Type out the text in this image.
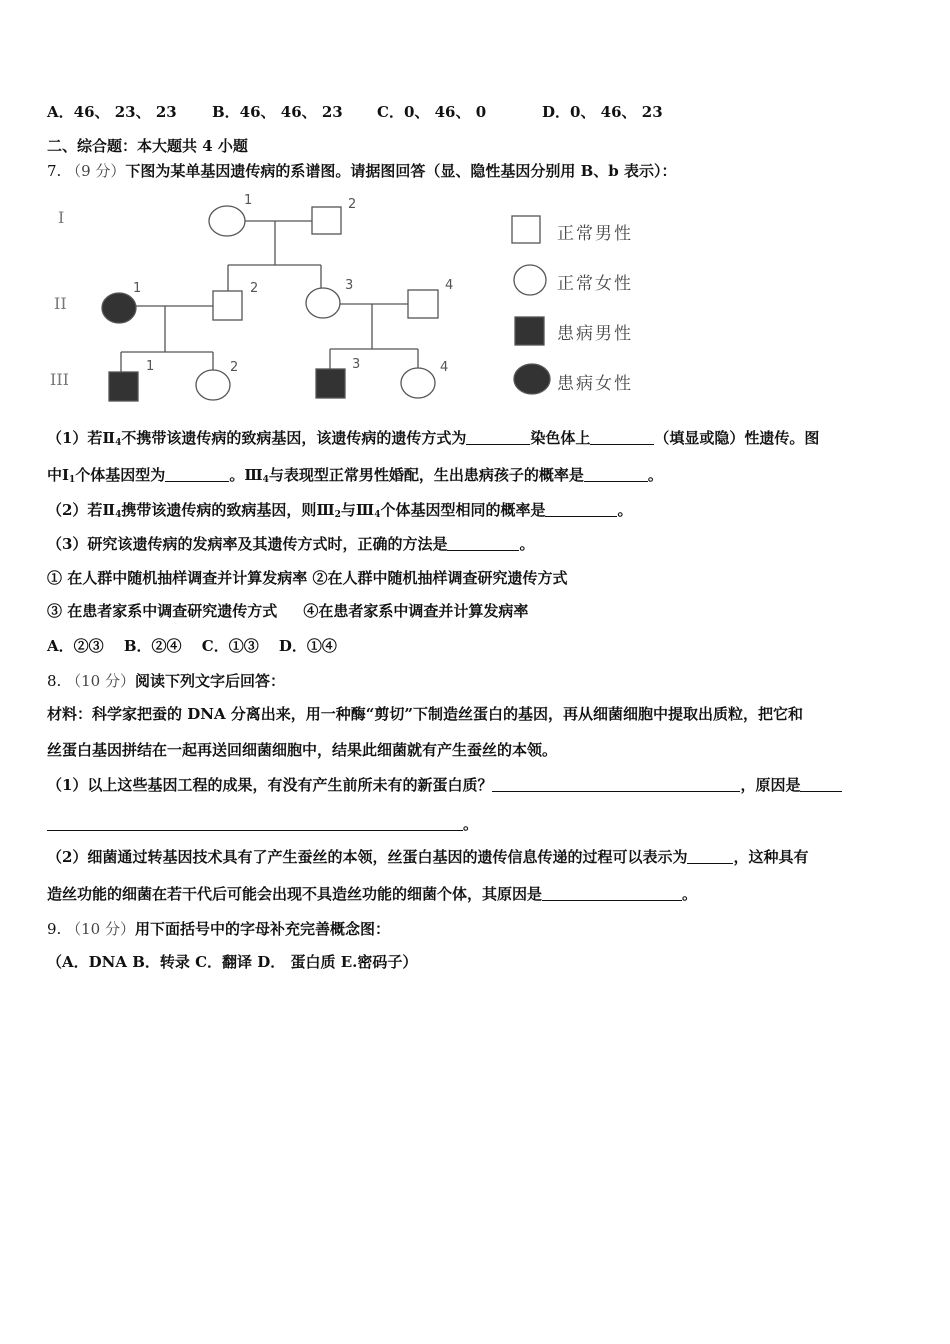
A．46、 23、 23 B．46、 46、 23 C．0、 46、 0	D．0、 46、 23
二、综合题：本大题共 4 小题
7. （9 分）下图为某单基因遗传病的系谱图。请据图回答（显、隐性基因分别用 B、b 表示）：
I
II
III
1	2
1	2	3	4
1	2	3	4
正常男性
正常女性
患病男性
患病女性
（1）若$Ⅱ_4$不携带该遗传病的致病基因，该遗传病的遗传方式为	染色体上	（填显或隐）性遗传。图
中$Ⅰ_1$个体基因型为	。$Ⅲ_4$与表现型正常男性婚配，生出患病孩子的概率是	。
（2）若$Ⅱ_4$携带该遗传病的致病基因，则$Ⅲ_2$与$Ⅲ_4$个体基因型相同的概率是	。
（3）研究该遗传病的发病率及其遗传方式时，正确的方法是	。
① 在人群中随机抽样调查并计算发病率 ②在人群中随机抽样调查研究遗传方式
③ 在患者家系中调查研究遗传方式 ④在患者家系中调查并计算发病率
A．②③　 B．②④　 C．①③　 D．①④
8. （10 分）阅读下列文字后回答：
材料：科学家把蚕的 DNA 分离出来，用一种酶“剪切”下制造丝蛋白的基因，再从细菌细胞中提取出质粒，把它和
丝蛋白基因拼结在一起再送回细菌细胞中，结果此细菌就有产生蚕丝的本领。
（1）以上这些基因工程的成果，有没有产生前所未有的新蛋白质？	，原因是
。
（2）细菌通过转基因技术具有了产生蚕丝的本领，丝蛋白基因的遗传信息传递的过程可以表示为	，这种具有
造丝功能的细菌在若干代后可能会出现不具造丝功能的细菌个体，其原因是	。
9. （10 分）用下面括号中的字母补充完善概念图：
（A．DNA B．转录 C．翻译 D． 蛋白质 E.密码子）
